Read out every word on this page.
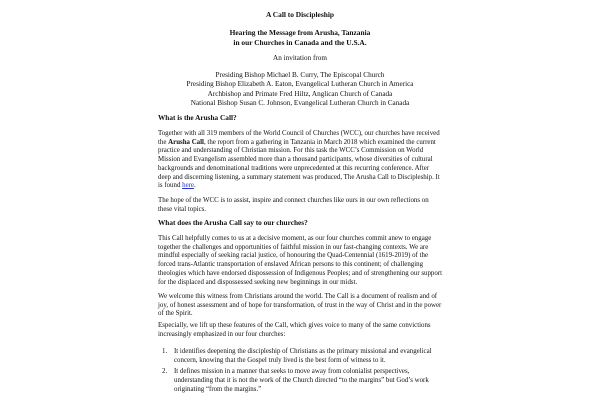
A Call to Discipleship
Hearing the Message from Arusha, Tanzania
in our Churches in Canada and the U.S.A.
An invitation from
Presiding Bishop Michael B. Curry, The Episcopal Church
Presiding Bishop Elizabeth A. Eaton, Evangelical Lutheran Church in America
Archbishop and Primate Fred Hiltz, Anglican Church of Canada
National Bishop Susan C. Johnson, Evangelical Lutheran Church in Canada
What is the Arusha Call?
Together with all 319 members of the World Council of Churches (WCC), our churches have received the Arusha Call, the report from a gathering in Tanzania in March 2018 which examined the current practice and understanding of Christian mission. For this task the WCC’s Commission on World Mission and Evangelism assembled more than a thousand participants, whose diversities of cultural backgrounds and denominational traditions were unprecedented at this recurring conference. After deep and discerning listening, a summary statement was produced, The Arusha Call to Discipleship. It is found here.
The hope of the WCC is to assist, inspire and connect churches like ours in our own reflections on these vital topics.
What does the Arusha Call say to our churches?
This Call helpfully comes to us at a decisive moment, as our four churches commit anew to engage together the challenges and opportunities of faithful mission in our fast-changing contexts. We are mindful especially of seeking racial justice, of honouring the Quad-Centennial (1619-2019) of the forced trans-Atlantic transportation of enslaved African persons to this continent; of challenging theologies which have endorsed dispossession of Indigenous Peoples; and of strengthening our support for the displaced and dispossessed seeking new beginnings in our midst.
We welcome this witness from Christians around the world. The Call is a document of realism and of joy, of honest assessment and of hope for transformation, of trust in the way of Christ and in the power of the Spirit.
Especially, we lift up these features of the Call, which gives voice to many of the same convictions increasingly emphasized in our four churches:
1. It identifies deepening the discipleship of Christians as the primary missional and evangelical concern, knowing that the Gospel truly lived is the best form of witness to it.
2. It defines mission in a manner that seeks to move away from colonialist perspectives, understanding that it is not the work of the Church directed “to the margins” but God’s work originating “from the margins.”
